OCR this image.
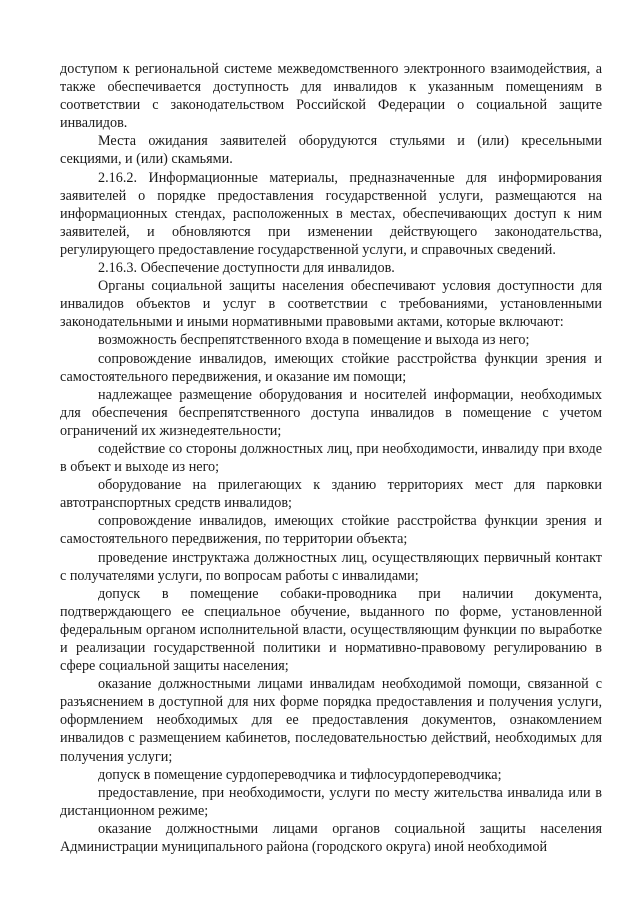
доступом к региональной системе межведомственного электронного взаимодействия, а также обеспечивается доступность для инвалидов к указанным помещениям в соответствии с законодательством Российской Федерации о социальной защите инвалидов.

Места ожидания заявителей оборудуются стульями и (или) кресельными секциями, и (или) скамьями.

2.16.2. Информационные материалы, предназначенные для информирования заявителей о порядке предоставления государственной услуги, размещаются на информационных стендах, расположенных в местах, обеспечивающих доступ к ним заявителей, и обновляются при изменении действующего законодательства, регулирующего предоставление государственной услуги, и справочных сведений.

2.16.3. Обеспечение доступности для инвалидов.

Органы социальной защиты населения обеспечивают условия доступности для инвалидов объектов и услуг в соответствии с требованиями, установленными законодательными и иными нормативными правовыми актами, которые включают:

возможность беспрепятственного входа в помещение и выхода из него;

сопровождение инвалидов, имеющих стойкие расстройства функции зрения и самостоятельного передвижения, и оказание им помощи;

надлежащее размещение оборудования и носителей информации, необходимых для обеспечения беспрепятственного доступа инвалидов в помещение с учетом ограничений их жизнедеятельности;

содействие со стороны должностных лиц, при необходимости, инвалиду при входе в объект и выходе из него;

оборудование на прилегающих к зданию территориях мест для парковки автотранспортных средств инвалидов;

сопровождение инвалидов, имеющих стойкие расстройства функции зрения и самостоятельного передвижения, по территории объекта;

проведение инструктажа должностных лиц, осуществляющих первичный контакт с получателями услуги, по вопросам работы с инвалидами;

допуск в помещение собаки-проводника при наличии документа, подтверждающего ее специальное обучение, выданного по форме, установленной федеральным органом исполнительной власти, осуществляющим функции по выработке и реализации государственной политики и нормативно-правовому регулированию в сфере социальной защиты населения;

оказание должностными лицами инвалидам необходимой помощи, связанной с разъяснением в доступной для них форме порядка предоставления и получения услуги, оформлением необходимых для ее предоставления документов, ознакомлением инвалидов с размещением кабинетов, последовательностью действий, необходимых для получения услуги;

допуск в помещение сурдопереводчика и тифлосурдопереводчика;

предоставление, при необходимости, услуги по месту жительства инвалида или в дистанционном режиме;

оказание должностными лицами органов социальной защиты населения Администрации муниципального района (городского округа) иной необходимой
